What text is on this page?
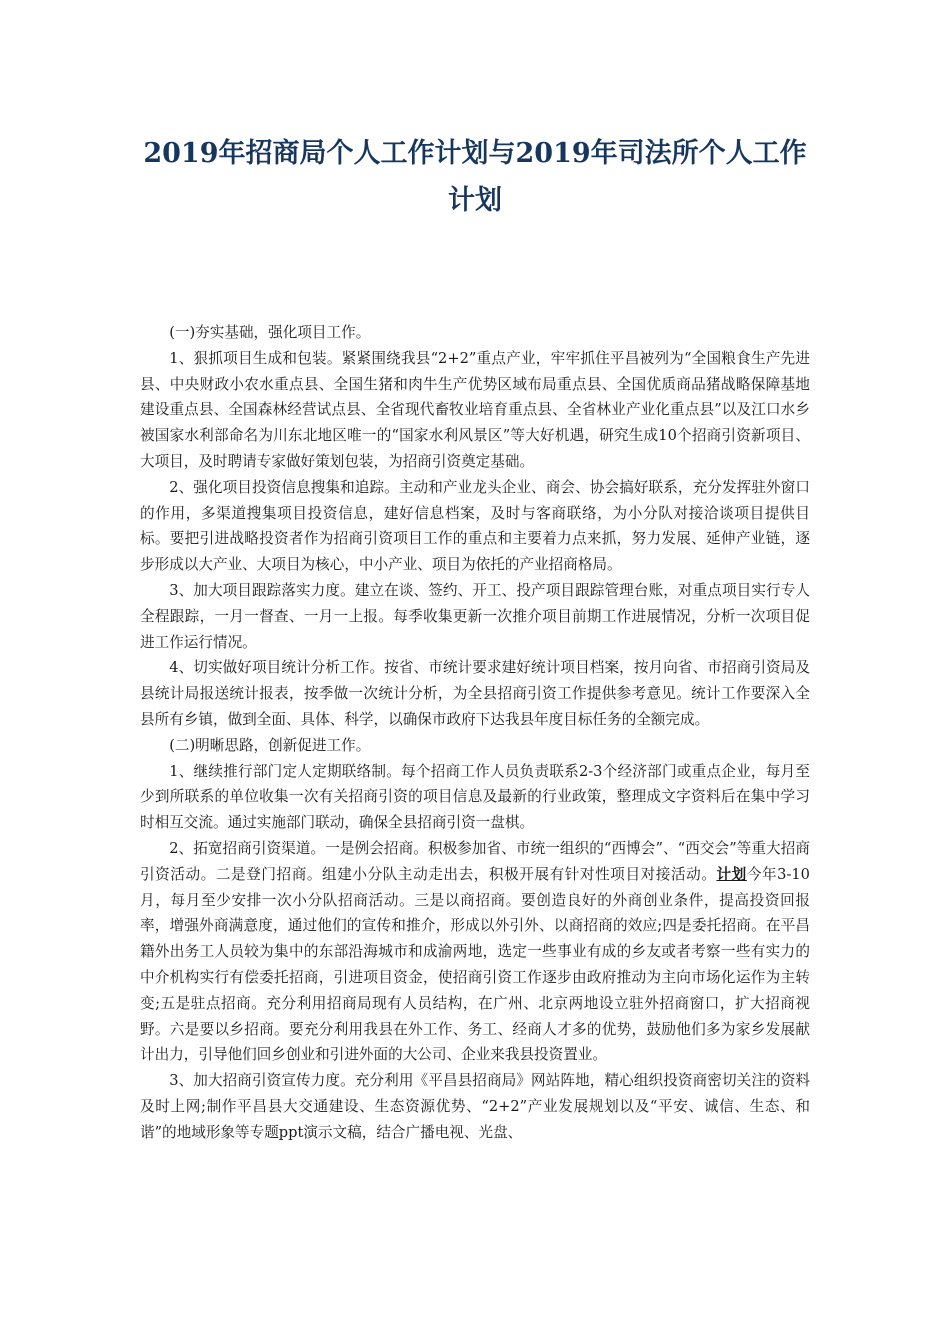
2019年招商局个人工作计划与2019年司法所个人工作计划

(一)夯实基础，强化项目工作。

1、狠抓项目生成和包装。紧紧围绕我县“2+2”重点产业，牢牢抓住平昌被列为“全国粮食生产先进县、中央财政小农水重点县、全国生猪和肉牛生产优势区域布局重点县、全国优质商品猪战略保障基地建设重点县、全国森林经营试点县、全省现代畜牧业培育重点县、全省林业产业化重点县”以及江口水乡被国家水利部命名为川东北地区唯一的“国家水利风景区”等大好机遇，研究生成10个招商引资新项目、大项目，及时聘请专家做好策划包装，为招商引资奠定基础。

2、强化项目投资信息搜集和追踪。主动和产业龙头企业、商会、协会搞好联系，充分发挥驻外窗口的作用，多渠道搜集项目投资信息，建好信息档案，及时与客商联络，为小分队对接洽谈项目提供目标。要把引进战略投资者作为招商引资项目工作的重点和主要着力点来抓，努力发展、延伸产业链，逐步形成以大产业、大项目为核心，中小产业、项目为依托的产业招商格局。

3、加大项目跟踪落实力度。建立在谈、签约、开工、投产项目跟踪管理台账，对重点项目实行专人全程跟踪，一月一督查、一月一上报。每季收集更新一次推介项目前期工作进展情况，分析一次项目促进工作运行情况。

4、切实做好项目统计分析工作。按省、市统计要求建好统计项目档案，按月向省、市招商引资局及县统计局报送统计报表，按季做一次统计分析，为全县招商引资工作提供参考意见。统计工作要深入全县所有乡镇，做到全面、具体、科学，以确保市政府下达我县年度目标任务的全额完成。

(二)明晰思路，创新促进工作。

1、继续推行部门定人定期联络制。每个招商工作人员负责联系2-3个经济部门或重点企业，每月至少到所联系的单位收集一次有关招商引资的项目信息及最新的行业政策，整理成文字资料后在集中学习时相互交流。通过实施部门联动，确保全县招商引资一盘棋。

2、拓宽招商引资渠道。一是例会招商。积极参加省、市统一组织的“西博会”、“西交会”等重大招商引资活动。二是登门招商。组建小分队主动走出去，积极开展有针对性项目对接活动。计划今年3-10月，每月至少安排一次小分队招商活动。三是以商招商。要创造良好的外商创业条件，提高投资回报率，增强外商满意度，通过他们的宣传和推介，形成以外引外、以商招商的效应;四是委托招商。在平昌籍外出务工人员较为集中的东部沿海城市和成渝两地，选定一些事业有成的乡友或者考察一些有实力的中介机构实行有偿委托招商，引进项目资金，使招商引资工作逐步由政府推动为主向市场化运作为主转变;五是驻点招商。充分利用招商局现有人员结构，在广州、北京两地设立驻外招商窗口，扩大招商视野。六是要以乡招商。要充分利用我县在外工作、务工、经商人才多的优势，鼓励他们多为家乡发展献计出力，引导他们回乡创业和引进外面的大公司、企业来我县投资置业。

3、加大招商引资宣传力度。充分利用《平昌县招商局》网站阵地，精心组织投资商密切关注的资料及时上网;制作平昌县大交通建设、生态资源优势、“2+2”产业发展规划以及“平安、诚信、生态、和谐”的地域形象等专题ppt演示文稿，结合广播电视、光盘、
